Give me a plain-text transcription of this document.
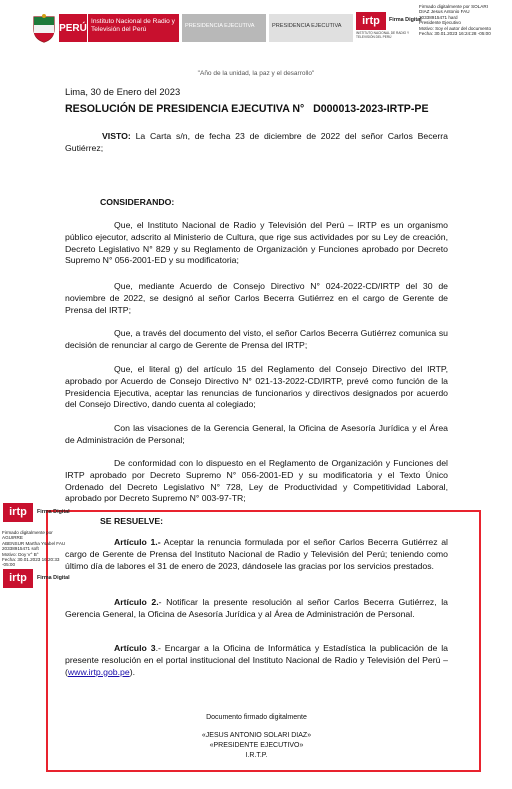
PERÚ
Instituto Nacional de Radio y Televisión del Perú	PRESIDENCIA EJECUTIVA	PRESIDENCIA EJECUTIVA	irtp
INSTITUTO NACIONAL DE RADIO Y TELEVISIÓN DEL PERÚ
Firma Digital
Firmado digitalmente por SOLARI
DIAZ Jesus Antonio FAU
20338915471 hard
Presidente Ejecutivo
Motivo: Soy el autor del documento
Fecha: 30.01.2023 16:24:28 -05:00
"Año de la unidad, la paz y el desarrollo"
Lima, 30 de Enero del 2023
RESOLUCIÓN DE PRESIDENCIA EJECUTIVA N°   D000013-2023-IRTP-PE
VISTO: La Carta s/n, de fecha 23 de diciembre de 2022 del señor Carlos Becerra Gutiérrez;
CONSIDERANDO:
Que, el Instituto Nacional de Radio y Televisión del Perú – IRTP es un organismo público ejecutor, adscrito al Ministerio de Cultura, que rige sus actividades por su Ley de creación, Decreto Legislativo N° 829 y su Reglamento de Organización y Funciones aprobado por Decreto Supremo N° 056-2001-ED y su modificatoria;
Que, mediante Acuerdo de Consejo Directivo N° 024-2022-CD/IRTP del 30 de noviembre de 2022, se designó al señor Carlos Becerra Gutiérrez en el cargo de Gerente de Prensa del IRTP;
Que, a través del documento del visto, el señor Carlos Becerra Gutiérrez comunica su decisión de renunciar al cargo de Gerente de Prensa del IRTP;
Que, el literal g) del artículo 15 del Reglamento del Consejo Directivo del IRTP, aprobado por Acuerdo de Consejo Directivo N° 021-13-2022-CD/IRTP, prevé como función de la Presidencia Ejecutiva, aceptar las renuncias de funcionarios y directivos designados por acuerdo del Consejo Directivo, dando cuenta al colegiado;
Con las visaciones de la Gerencia General, la Oficina de Asesoría Jurídica y el Área de Administración de Personal;
De conformidad con lo dispuesto en el Reglamento de Organización y Funciones del IRTP aprobado por Decreto Supremo N° 056-2001-ED y su modificatoria y el Texto Único Ordenado del Decreto Legislativo N° 728, Ley de Productividad y Competitividad Laboral, aprobado por Decreto Supremo N° 003-97-TR;
SE RESUELVE:
Artículo 1.- Aceptar la renuncia formulada por el señor Carlos Becerra Gutiérrez al cargo de Gerente de Prensa del Instituto Nacional de Radio y Televisión del Perú; teniendo como último día de labores el 31 de enero de 2023, dándosele las gracias por los servicios prestados.
Artículo 2.- Notificar la presente resolución al señor Carlos Becerra Gutiérrez, la Gerencia General, la Oficina de Asesoría Jurídica y al Área de Administración de Personal.
Artículo 3.- Encargar a la Oficina de Informática y Estadística la publicación de la presente resolución en el portal institucional del Instituto Nacional de Radio y Televisión del Perú – (www.irtp.gob.pe).
Documento firmado digitalmente
«JESUS ANTONIO SOLARI DIAZ»
«PRESIDENTE EJECUTIVO»
I.R.T.P.
irtp	Firma Digital
Firmado digitalmente por AGUIRRE
ABENSUR Martha Ysabel FAU
20338915471 soft
Motivo: Doy V° B°
Fecha: 30.01.2023 16:20:33 -05:00
irtp	Firma Digital
